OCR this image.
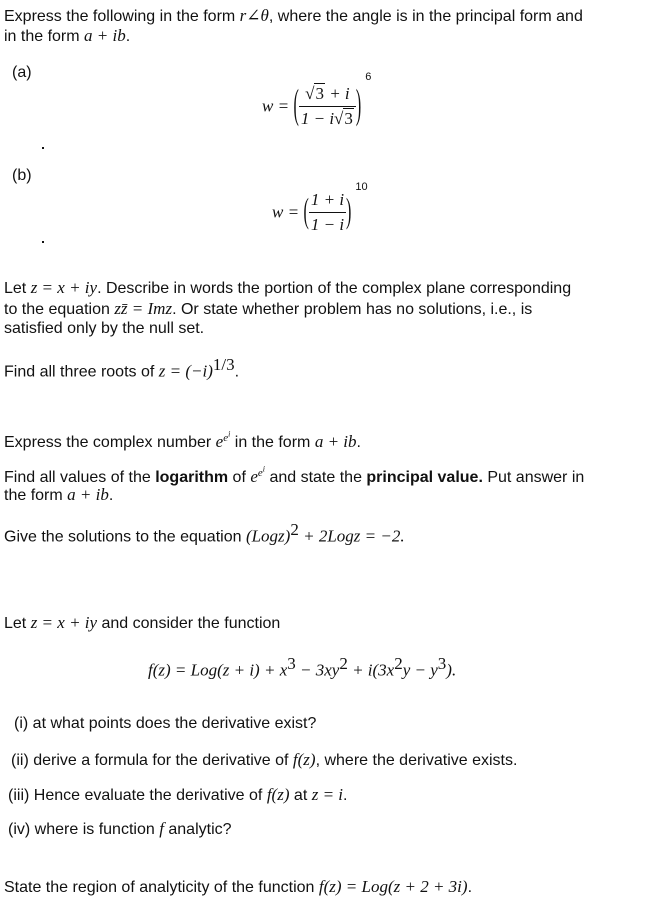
Express the following in the form r∠θ, where the angle is in the principal form and
in the form a + ib.
(a)
w = ( $\frac{√3 + i}{1 - i√3} )^6$
(b)
w = ( $\frac{1 + i}{1 - i} )^{10}$
Let z = x + iy. Describe in words the portion of the complex plane corresponding
to the equation zz̄ = Imz. Or state whether problem has no solutions, i.e., is
satisfied only by the null set.
Find all three roots of $z = (-i)^{1/3}$.
Express the complex number $e^{e^i}$ in the form a + ib.
Find all values of the logarithm of $e^{e^i}$ and state the principal value. Put answer in
the form a + ib.
Give the solutions to the equation (Logz)$^2$ + 2Logz = −2.
Let z = x + iy and consider the function
$f(z) = Log(z + i) + x^3 - 3xy^2 + i(3x^2y - y^3)$.
(i) at what points does the derivative exist?
(ii) derive a formula for the derivative of f(z), where the derivative exists.
(iii) Hence evaluate the derivative of f(z) at z = i.
(iv) where is function f analytic?
State the region of analyticity of the function f(z) = Log(z + 2 + 3i).
